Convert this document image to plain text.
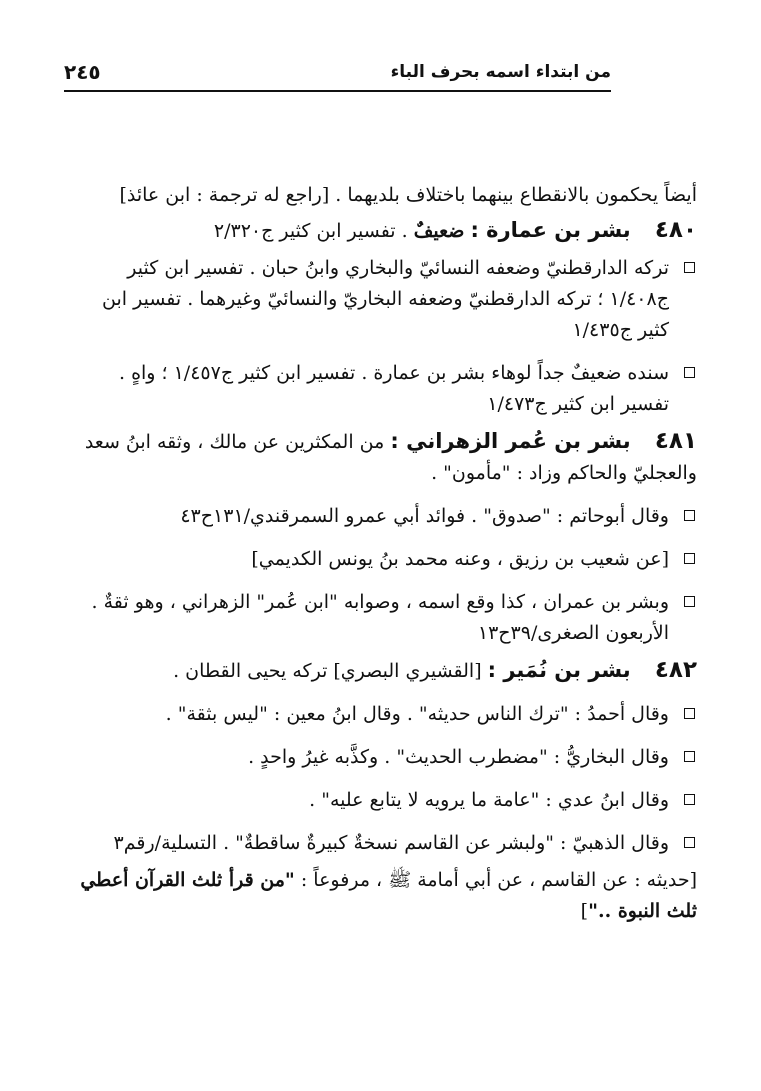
من ابتداء اسمه بحرف الباء
٢٤٥

أيضاً يحكمون بالانقطاع بينهما باختلاف بلديهما . [راجع له ترجمة : ابن عائذ]

٤٨٠    بشر بن عمارة : ضعيفٌ . تفسير ابن كثير ج٢/٣٢٠

تركه الدارقطنيّ وضعفه النسائيّ والبخاري وابنُ حبان . تفسير ابن كثير ج١/٤٠٨ ؛ تركه الدارقطنيّ وضعفه البخاريّ والنسائيّ وغيرهما . تفسير ابن كثير ج١/٤٣٥
سنده ضعيفٌ جداً لوهاء بشر بن عمارة . تفسير ابن كثير ج١/٤٥٧ ؛ واهٍ . تفسير ابن كثير ج١/٤٧٣

٤٨١    بشر بن عُمر الزهراني : من المكثرين عن مالك ، وثقه ابنُ سعد والعجليّ والحاكم وزاد : "مأمون" .

وقال أبوحاتم : "صدوق" . فوائد أبي عمرو السمرقندي/١٣١ح٤٣
[عن شعيب بن رزيق ، وعنه محمد بنُ يونس الكديمي]
وبشر بن عمران ، كذا وقع اسمه ، وصوابه "ابن عُمر" الزهراني ، وهو ثقةٌ . الأربعون الصغرى/٣٩ح١٣

٤٨٢    بشر بن نُمَير : [القشيري البصري] تركه يحيى القطان .

وقال أحمدُ : "ترك الناس حديثه" . وقال ابنُ معين : "ليس بثقة" .
وقال البخاريُّ : "مضطرب الحديث" . وكذَّبه غيرُ واحدٍ .
وقال ابنُ عدي : "عامة ما يرويه لا يتابع عليه" .
وقال الذهبيّ : "ولبشر عن القاسم نسخةٌ كبيرةٌ ساقطةٌ" . التسلية/رقم٣

[حديثه : عن القاسم ، عن أبي أمامة ﷺ ، مرفوعاً : "من قرأ ثلث القرآن أعطي ثلث النبوة .."]
